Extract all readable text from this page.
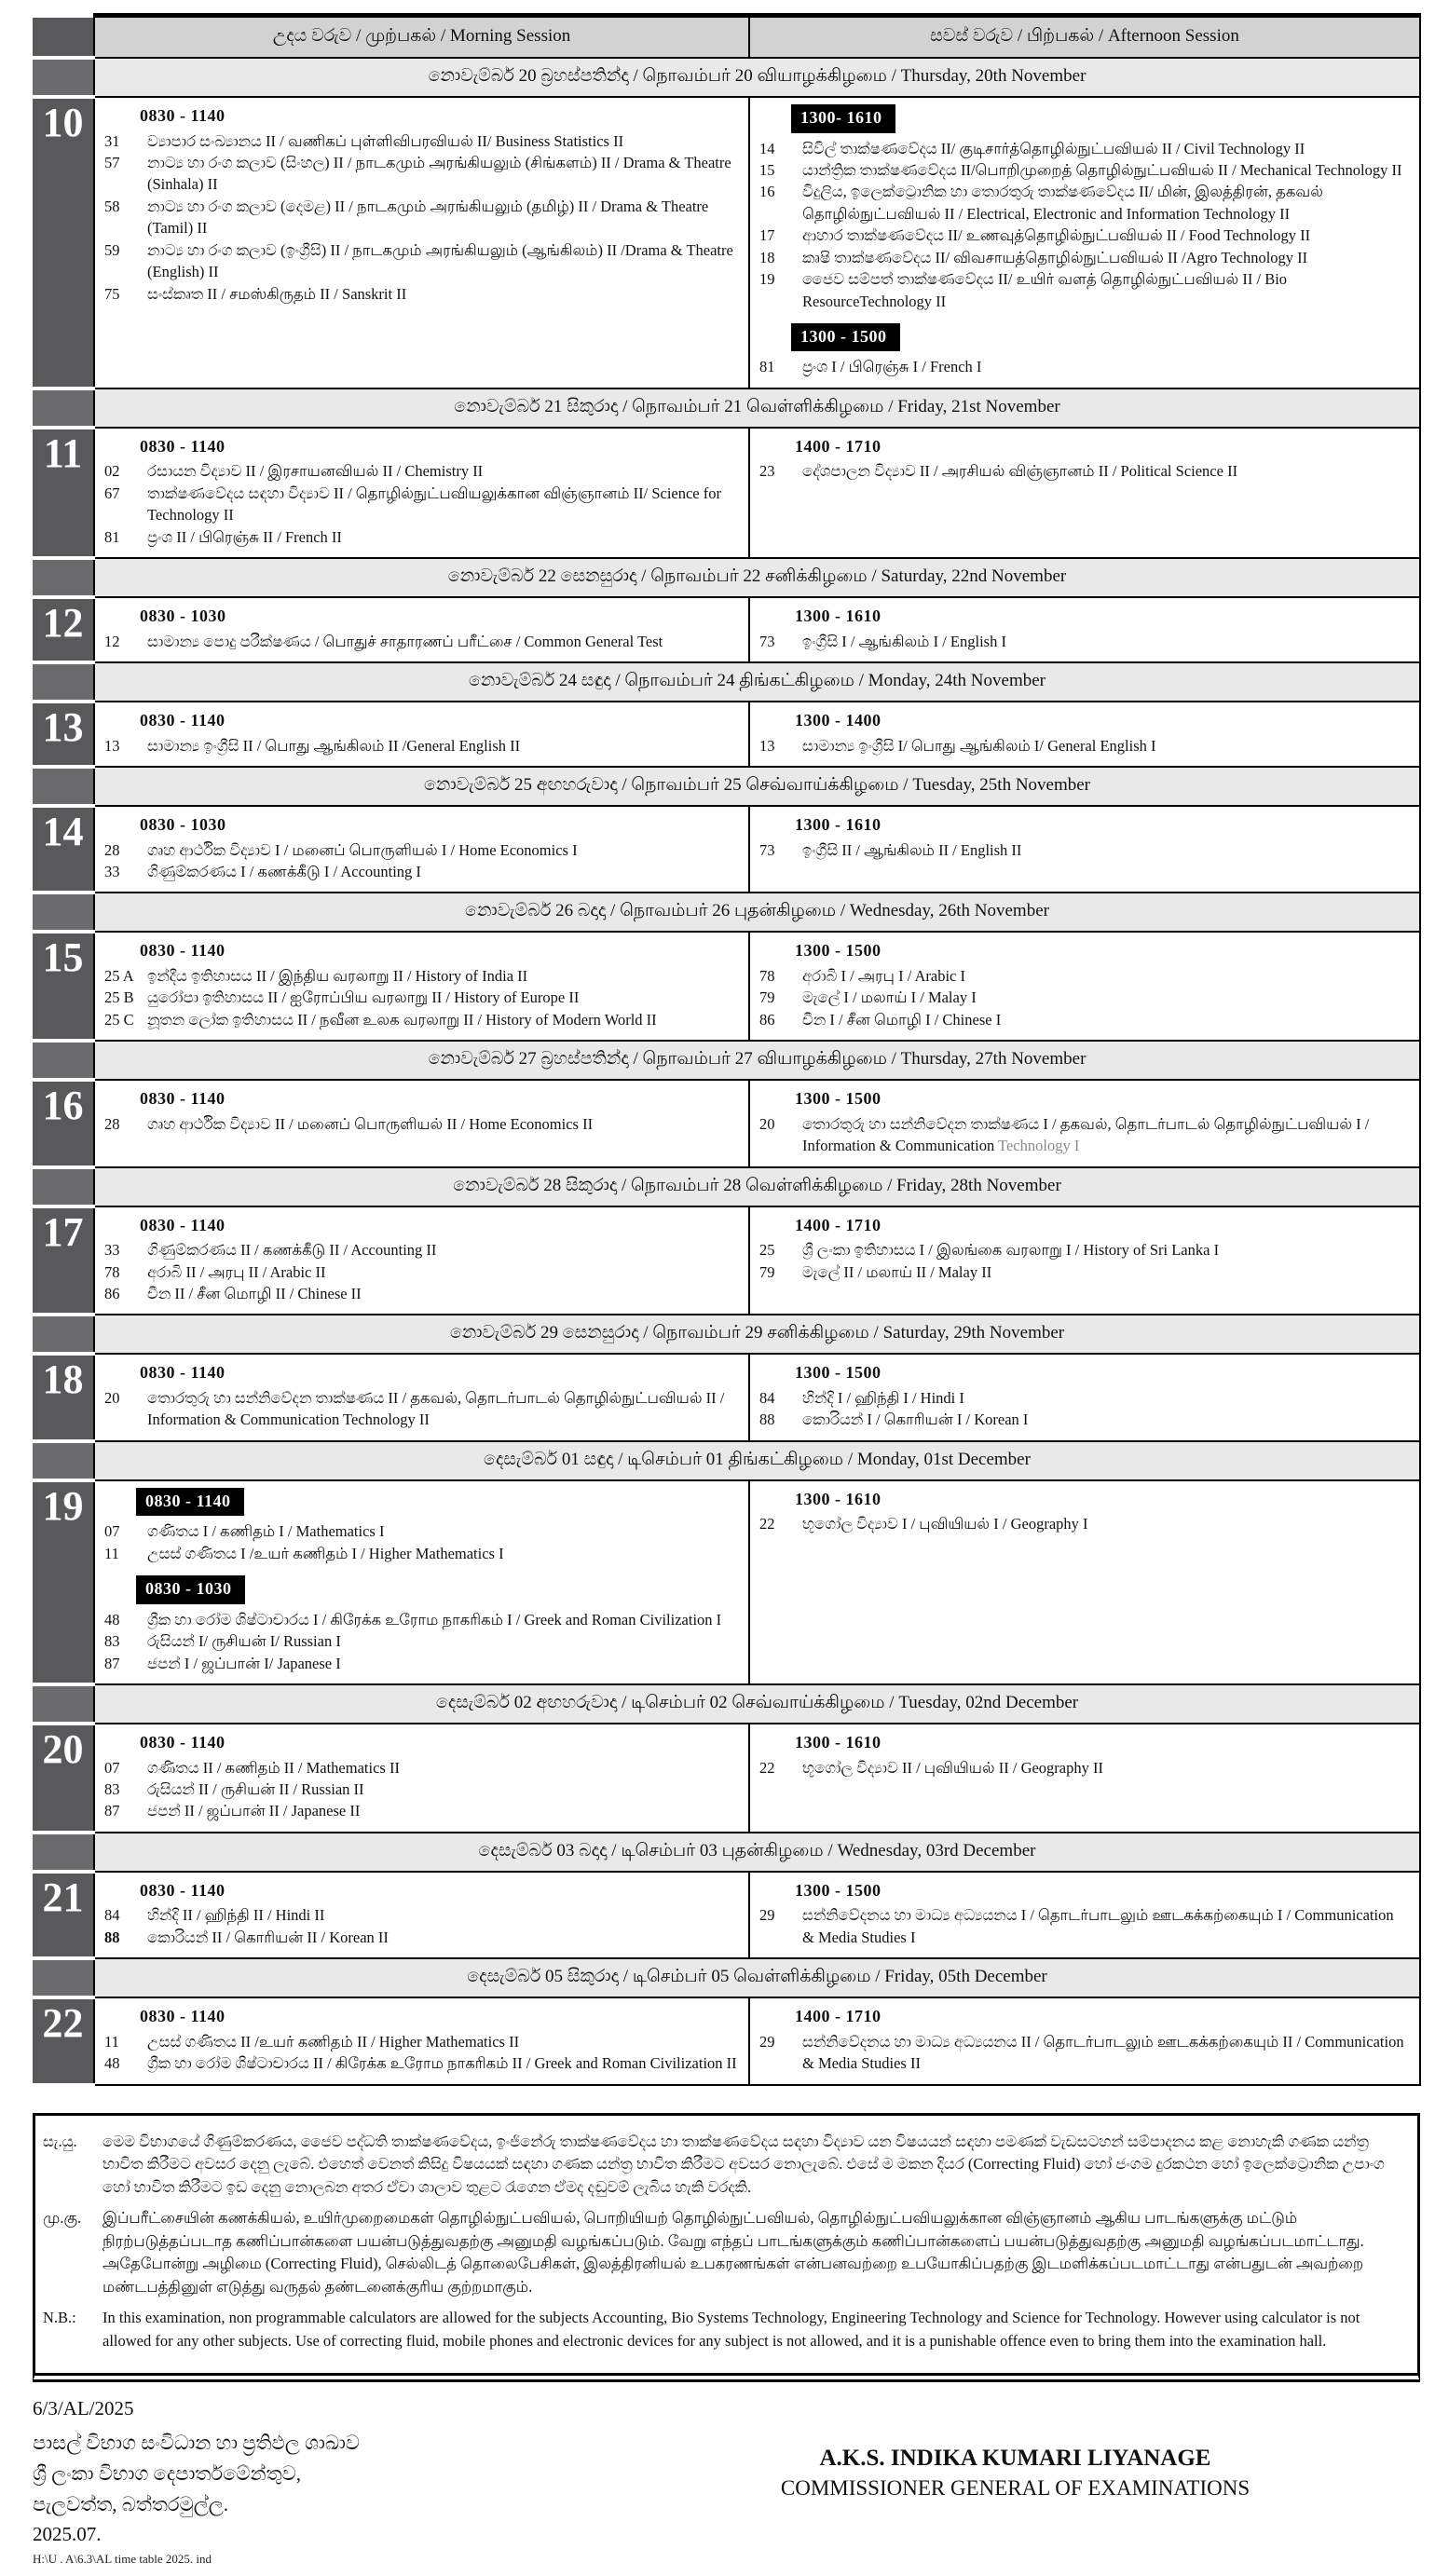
	උදය වරුව / முற்பகல் / Morning Session	සවස් වරුව / பிற்பகல் / Afternoon Session
	නොවැම්බර් 20 බ්‍රහස්පතින්දා / நொவம்பர் 20 வியாழக்கிழமை / Thursday, 20th November	
10	0830 - 1140
31	ව්‍යාපාර සංඛ්‍යානය II / வணிகப் புள்ளிவிபரவியல் II/ Business Statistics II
57	නාට්‍ය හා රංග කලාව (සිංහල) II / நாடகமும் அரங்கியலும் (சிங்களம்) II / Drama & Theatre (Sinhala) II
58	නාට්‍ය හා රංග කලාව (දෙමළ) II / நாடகமும் அரங்கியலும் (தமிழ்) II / Drama & Theatre (Tamil) II
59	නාට්‍ය හා රංග කලාව (ඉංග්‍රීසි) II / நாடகமும் அரங்கியலும் (ஆங்கிலம்) II /Drama & Theatre (English) II
75	සංස්කෘත II / சமஸ்கிருதம் II / Sanskrit II

1300- 1610
14	සිවිල් තාක්ෂණවේදය II/ குடிசார்த்தொழில்நுட்பவியல் II / Civil Technology II
15	යාන්ත්‍රික තාක්ෂණවේදය II/பொறிமுறைத் தொழில்நுட்பவியல் II / Mechanical Technology II
16	විදුලිය, ඉලෙක්ට්‍රොනික හා තොරතුරු තාක්ෂණවේදය II/ மின், இலத்திரன், தகவல் தொழில்நுட்பவியல் II / Electrical, Electronic and Information Technology II
17	ආහාර තාක්ෂණවේදය II/ உணவுத்தொழில்நுட்பவியல் II / Food Technology II
18	කෘෂි තාක්ෂණවේදය II/ விவசாயத்தொழில்நுட்பவியல் II /Agro Technology II
19	ජෛව සම්පත් තාක්ෂණවේදය II/ உயிர் வளத் தொழில்நுட்பவியல் II / Bio ResourceTechnology II
1300 - 1500
81	ප්‍රංශ I / பிரெஞ்சு I / French I

	නොවැම්බර් 21 සිකුරාදා / நொவம்பர் 21 வெள்ளிக்கிழமை / Friday, 21st November	
11	0830 - 1140
02	රසායන විද්‍යාව II / இரசாயனவியல் II / Chemistry II
67	තාක්ෂණවේදය සඳහා විද්‍යාව II / தொழில்நுட்பவியலுக்கான விஞ்ஞானம் II/ Science for Technology II
81	ප්‍රංශ II / பிரெஞ்சு II / French II

1400 - 1710
23	දේශපාලන විද්‍යාව II / அரசியல் விஞ்ஞானம் II / Political Science II

	නොවැම්බර් 22 සෙනසුරාදා / நொவம்பர் 22 சனிக்கிழமை / Saturday, 22nd November	
12	0830 - 1030
12	සාමාන්‍ය පොදු පරීක්ෂණය / பொதுச் சாதாரணப் பரீட்சை / Common General Test

1300 - 1610
73	ඉංග්‍රීසි I / ஆங்கிலம் I / English I

	නොවැම්බර් 24 සඳුදා / நொவம்பர் 24 திங்கட்கிழமை / Monday, 24th November	
13	0830 - 1140
13	සාමාන්‍ය ඉංග්‍රීසි II / பொது ஆங்கிலம் II /General English II

1300 - 1400
13	සාමාන්‍ය ඉංග්‍රීසි I/ பொது ஆங்கிலம் I/ General English I

	නොවැම්බර් 25 අඟහරුවාදා / நொவம்பர் 25 செவ்வாய்க்கிழமை / Tuesday, 25th November	
14	0830 - 1030
28	ගෘහ ආර්ථික විද්‍යාව I / மனைப் பொருளியல் I / Home Economics I
33	ගිණුම්කරණය I / கணக்கீடு I / Accounting I

1300 - 1610
73	ඉංග්‍රීසි II / ஆங்கிலம் II / English II

	නොවැම්බර් 26 බදාදා / நொவம்பர் 26 புதன்கிழமை / Wednesday, 26th November	
15	0830 - 1140
25 A ඉන්දීය ඉතිහාසය II / இந்திய வரலாறு II / History of India II
25 B යුරෝපා ඉතිහාසය II / ஐரோப்பிய வரலாறு II / History of Europe II
25 C නූතන ලෝක ඉතිහාසය II / நவீன உலக வரலாறு II / History of Modern World II

1300 - 1500
78	අරාබි I / அரபு I / Arabic I
79	මැලේ I / மலாய் I / Malay I
86	චීන I / சீன மொழி I / Chinese I

	නොවැම්බර් 27 බ්‍රහස්පතින්දා / நொவம்பர் 27 வியாழக்கிழமை / Thursday, 27th November	
16	0830 - 1140
28	ගෘහ ආර්ථික විද්‍යාව II / மனைப் பொருளியல் II / Home Economics II

1300 - 1500
20	තොරතුරු හා සන්නිවේදන තාක්ෂණය I / தகவல், தொடர்பாடல் தொழில்நுட்பவியல் I / Information & Communication Technology I

	නොවැම්බර් 28 සිකුරාදා / நொவம்பர் 28 வெள்ளிக்கிழமை / Friday, 28th November	
17	0830 - 1140
33	ගිණුම්කරණය II / கணக்கீடு II / Accounting II
78	අරාබි II / அரபு II / Arabic II
86	චීන II / சீன மொழி II / Chinese II

1400 - 1710
25	ශ්‍රී ලංකා ඉතිහාසය I / இலங்கை வரலாறு I / History of Sri Lanka I
79	මැලේ II / மலாய் II / Malay II

	නොවැම්බර් 29 සෙනසුරාදා / நொவம்பர் 29 சனிக்கிழமை / Saturday, 29th November	
18	0830 - 1140
20	තොරතුරු හා සන්නිවේදන තාක්ෂණය II / தகவல், தொடர்பாடல் தொழில்நுட்பவியல் II / Information & Communication Technology II

1300 - 1500
84	හින්දි I / ஹிந்தி I / Hindi I
88	කොරියන් I / கொரியன் I / Korean I

	දෙසැම්බර් 01 සඳුදා / டிசெம்பர் 01 திங்கட்கிழமை / Monday, 01st December	
19	0830 - 1140
07	ගණිතය I / கணிதம் I / Mathematics I
11	උසස් ගණිතය I /உயர் கணிதம் I / Higher Mathematics I
0830 - 1030
48	ග්‍රීක හා රෝම ශිෂ්ටාචාරය I / கிரேக்க உரோம நாகரிகம் I / Greek and Roman Civilization I
83	රුසියන් I/ ருசியன் I/ Russian I
87	ජපන් I / ஜப்பான் I/ Japanese I

1300 - 1610
22	භූගෝල විද්‍යාව I / புவியியல் I / Geography I

	දෙසැම්බර් 02 අඟහරුවාදා / டிசெம்பர் 02 செவ்வாய்க்கிழமை / Tuesday, 02nd December	
20	0830 - 1140
07	ගණිතය II / கணிதம் II / Mathematics II
83	රුසියන් II / ருசியன் II / Russian II
87	ජපන් II / ஜப்பான் II / Japanese II

1300 - 1610
22	භූගෝල විද්‍යාව II / புவியியல் II / Geography II

	දෙසැම්බර් 03 බදාදා / டிசெம்பர் 03 புதன்கிழமை / Wednesday, 03rd December	
21	0830 - 1140
84	හින්දි II / ஹிந்தி II / Hindi II
88	කොරියන් II / கொரியன் II / Korean II

1300 - 1500
29	සන්නිවේදනය හා මාධ්‍ය අධ්‍යයනය I / தொடர்பாடலும் ஊடகக்கற்கையும் I / Communication & Media Studies I

	දෙසැම්බර් 05 සිකුරාදා / டிசெம்பர் 05 வெள்ளிக்கிழமை / Friday, 05th December	
22	0830 - 1140
11	උසස් ගණිතය II /உயர் கணிதம் II / Higher Mathematics II
48	ග්‍රීක හා රෝම ශිෂ්ටාචාරය II / கிரேக்க உரோம நாகரிகம் II / Greek and Roman Civilization II

1400 - 1710
29	සන්නිවේදනය හා මාධ්‍ය අධ්‍යයනය II / தொடர்பாடலும் ஊடகக்கற்கையும் II / Communication & Media Studies II
සැ.යු.	මෙම විභාගයේ ගිණුම්කරණය, ජෛව පද්ධති තාක්ෂණවේදය, ඉංජිනේරු තාක්ෂණවේදය හා තාක්ෂණවේදය සඳහා විද්‍යාව යන විෂයයන් සඳහා පමණක් වැඩසටහන් සම්පාදනය කළ නොහැකි ගණක යන්ත්‍ර භාවිත කිරීමට අවසර දෙනු ලැබේ. එහෙත් වෙනත් කිසිදු විෂයයක් සඳහා ගණක යන්ත්‍ර භාවිත කිරීමට අවසර නොලැබේ. එසේ ම මකන දියර (Correcting Fluid) හෝ ජංගම දුරකථන හෝ ඉලෙක්ට්‍රොනික උපාංග හෝ භාවිත කිරීමට ඉඩ දෙනු නොලබන අතර ඒවා ශාලාව තුළට රැගෙන ඒමද දඬුවම් ලැබිය හැකි වරදකි.
மு.கு.	இப்பரீட்சையின் கணக்கியல், உயிர்முறைமைகள் தொழில்நுட்பவியல், பொறியியற் தொழில்நுட்பவியல், தொழில்நுட்பவியலுக்கான விஞ்ஞானம் ஆகிய பாடங்களுக்கு மட்டும் நிரற்படுத்தப்படாத கணிப்பான்களை பயன்படுத்துவதற்கு அனுமதி வழங்கப்படும். வேறு எந்தப் பாடங்களுக்கும் கணிப்பான்களைப் பயன்படுத்துவதற்கு அனுமதி வழங்கப்படமாட்டாது. அதேபோன்று அழிமை (Correcting Fluid), செல்லிடத் தொலைபேசிகள், இலத்திரனியல் உபகரணங்கள் என்பனவற்றை உபயோகிப்பதற்கு இடமளிக்கப்படமாட்டாது என்பதுடன் அவற்றை மண்டபத்தினுள் எடுத்து வருதல் தண்டனைக்குரிய குற்றமாகும்.
N.B.:	In this examination, non programmable calculators are allowed for the subjects Accounting, Bio Systems Technology, Engineering Technology and Science for Technology. However using calculator is not allowed for any other subjects. Use of correcting fluid, mobile phones and electronic devices for any subject is not allowed, and it is a punishable offence even to bring them into the examination hall.
6/3/AL/2025
පාසල් විභාග සංවිධාන හා ප්‍රතිඵල ශාඛාව
ශ්‍රී ලංකා විභාග දෙපාර්තමේන්තුව,
පැලවත්ත, බත්තරමුල්ල.
2025.07.
H:\U . A\6.3\AL time table 2025. ind
A.K.S. INDIKA KUMARI LIYANAGE
COMMISSIONER GENERAL OF EXAMINATIONS
